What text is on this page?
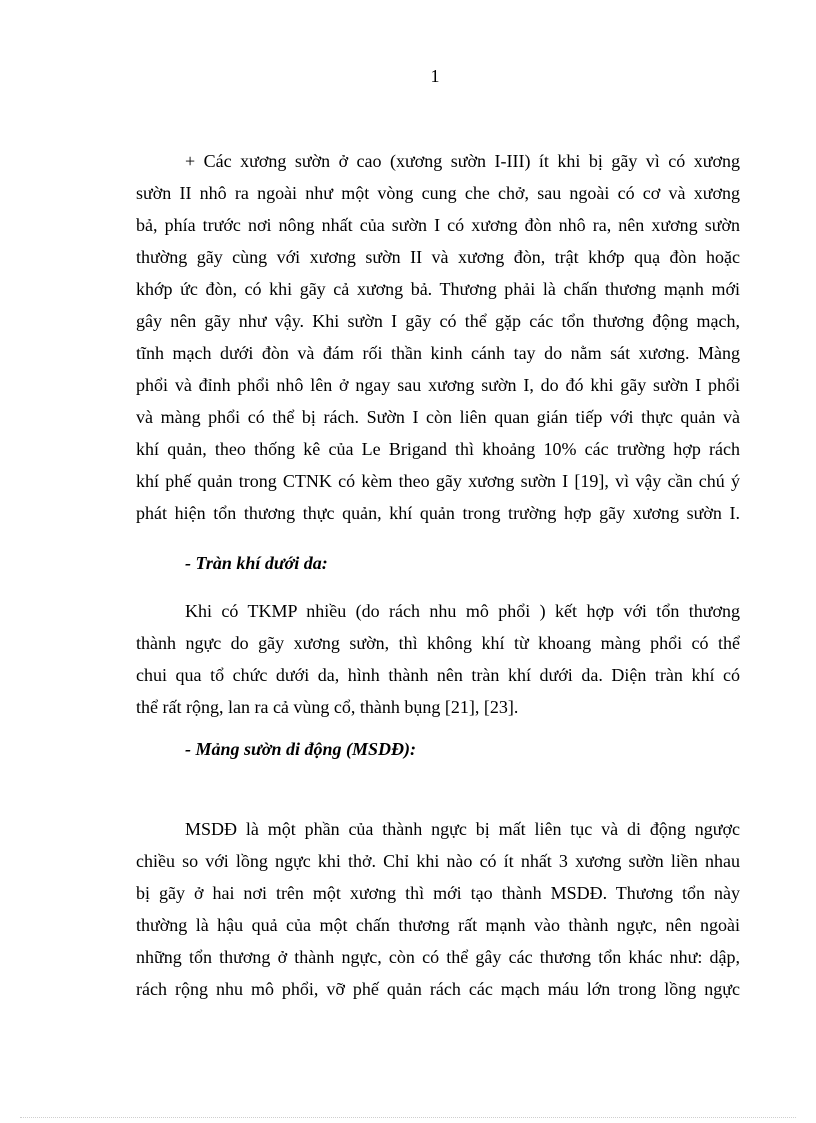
1
+ Các xương sườn ở cao (xương sườn I-III) ít khi bị gãy vì có xương
sườn II nhô ra ngoài như một vòng cung che chở, sau ngoài có cơ và xương
bả, phía trước nơi nông nhất của sườn I có xương đòn nhô ra, nên xương sườn
thường gãy cùng với xương sườn II và xương đòn, trật khớp quạ đòn hoặc
khớp ức đòn, có khi gãy cả xương bả. Thương phải là chấn thương mạnh mới
gây nên gãy như vậy. Khi sườn I gãy có thể gặp các tổn thương động mạch,
tĩnh mạch dưới đòn và đám rối thần kinh cánh tay do nằm sát xương. Màng
phổi và đỉnh phổi nhô lên ở ngay sau xương sườn I, do đó khi gãy sườn I phổi
và màng phổi có thể bị rách. Sườn I còn liên quan gián tiếp với thực quản và
khí quản, theo thống kê của Le Brigand thì khoảng 10% các trường hợp rách
khí phế quản trong CTNK có kèm theo gãy xương sườn I [19], vì vậy cần chú ý
phát hiện tổn thương thực quản, khí quản trong trường hợp gãy xương sườn I.
- Tràn khí dưới da:
Khi có TKMP nhiều (do rách nhu mô phổi ) kết hợp với tổn thương
thành ngực do gãy xương sườn, thì không khí từ khoang màng phổi có thể
chui qua tổ chức dưới da, hình thành nên tràn khí dưới da. Diện tràn khí có
thể rất rộng, lan ra cả vùng cổ, thành bụng [21], [23].
- Mảng sườn di động (MSDĐ):
MSDĐ là một phần của thành ngực bị mất liên tục và di động ngược
chiều so với lồng ngực khi thở. Chỉ khi nào có ít nhất 3 xương sườn liền nhau
bị gãy ở hai nơi trên một xương thì mới tạo thành MSDĐ. Thương tổn này
thường là hậu quả của một chấn thương rất mạnh vào thành ngực, nên ngoài
những tổn thương ở thành ngực, còn có thể gây các thương tổn khác như: dập,
rách rộng nhu mô phổi, vỡ phế quản rách các mạch máu lớn trong lồng ngực
